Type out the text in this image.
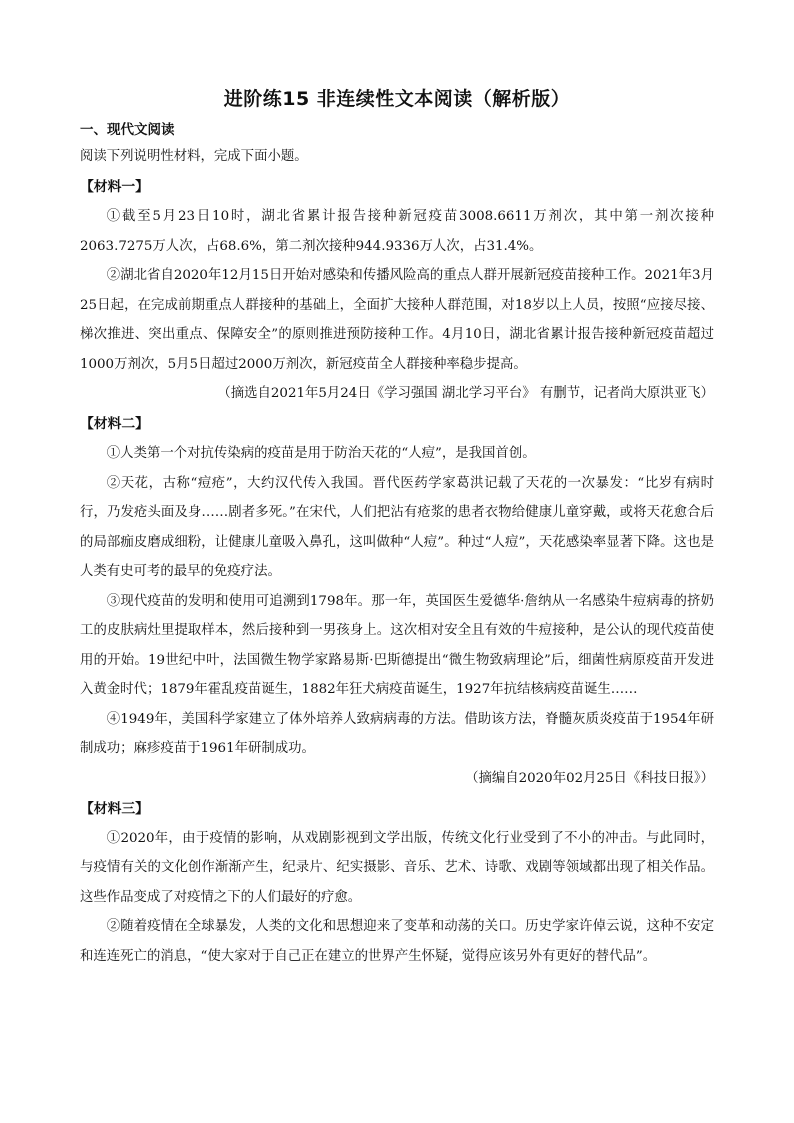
进阶练15 非连续性文本阅读（解析版）
一、现代文阅读
阅读下列说明性材料，完成下面小题。
【材料一】

①截至5月23日10时，湖北省累计报告接种新冠疫苗3008.6611万剂次，其中第一剂次接种2063.7275万人次，占68.6%，第二剂次接种944.9336万人次，占31.4%。

②湖北省自2020年12月15日开始对感染和传播风险高的重点人群开展新冠疫苗接种工作。2021年3月25日起，在完成前期重点人群接种的基础上，全面扩大接种人群范围，对18岁以上人员，按照“应接尽接、梯次推进、突出重点、保障安全”的原则推进预防接种工作。4月10日，湖北省累计报告接种新冠疫苗超过1000万剂次，5月5日超过2000万剂次，新冠疫苗全人群接种率稳步提高。

（摘选自2021年5月24日《学习强国 湖北学习平台》 有删节，记者尚大原洪亚飞）
【材料二】

①人类第一个对抗传染病的疫苗是用于防治天花的“人痘”，是我国首创。

②天花，古称“痘疮”，大约汉代传入我国。晋代医药学家葛洪记载了天花的一次暴发：“比岁有病时行，乃发疮头面及身……剧者多死。”在宋代，人们把沾有疮浆的患者衣物给健康儿童穿戴，或将天花愈合后的局部痂皮磨成细粉，让健康儿童吸入鼻孔，这叫做种“人痘”。种过“人痘”，天花感染率显著下降。这也是人类有史可考的最早的免疫疗法。

③现代疫苗的发明和使用可追溯到1798年。那一年，英国医生爱德华·詹纳从一名感染牛痘病毒的挤奶工的皮肤病灶里提取样本，然后接种到一男孩身上。这次相对安全且有效的牛痘接种，是公认的现代疫苗使用的开始。19世纪中叶，法国微生物学家路易斯·巴斯德提出“微生物致病理论”后，细菌性病原疫苗开发进入黄金时代；1879年霍乱疫苗诞生，1882年狂犬病疫苗诞生，1927年抗结核病疫苗诞生……

④1949年，美国科学家建立了体外培养人致病病毒的方法。借助该方法，脊髓灰质炎疫苗于1954年研制成功；麻疹疫苗于1961年研制成功。

（摘编自2020年02月25日《科技日报》）
【材料三】

①2020年，由于疫情的影响，从戏剧影视到文学出版，传统文化行业受到了不小的冲击。与此同时，与疫情有关的文化创作渐渐产生，纪录片、纪实摄影、音乐、艺术、诗歌、戏剧等领域都出现了相关作品。这些作品变成了对疫情之下的人们最好的疗愈。

②随着疫情在全球暴发，人类的文化和思想迎来了变革和动荡的关口。历史学家许倬云说，这种不安定和连连死亡的消息，“使大家对于自己正在建立的世界产生怀疑，觉得应该另外有更好的替代品”。
